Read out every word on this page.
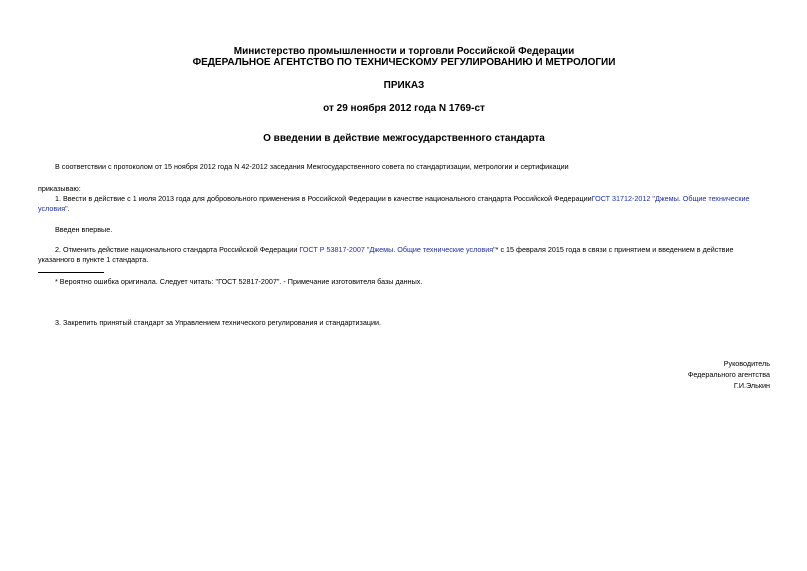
Министерство промышленности и торговли Российской Федерации
ФЕДЕРАЛЬНОЕ АГЕНТСТВО ПО ТЕХНИЧЕСКОМУ РЕГУЛИРОВАНИЮ И МЕТРОЛОГИИ
ПРИКАЗ
от 29 ноября 2012 года N 1769-ст
О введении в действие межгосударственного стандарта
В соответствии с протоколом от 15 ноября 2012 года N 42-2012 заседания Межгосударственного совета по стандартизации, метрологии и сертификации
приказываю:
1. Ввести в действие с 1 июля 2013 года для добровольного применения в Российской Федерации в качестве национального стандарта Российской ФедерацииГОСТ 31712-2012 "Джемы. Общие технические условия".
Введен впервые.
2. Отменить действие национального стандарта Российской Федерации ГОСТ Р 53817-2007 "Джемы. Общие технические условия"* с 15 февраля 2015 года в связи с принятием и введением в действие указанного в пункте 1 стандарта.
* Вероятно ошибка оригинала. Следует читать: "ГОСТ 52817-2007". - Примечание изготовителя базы данных.
3. Закрепить принятый стандарт за Управлением технического регулирования и стандартизации.
Руководитель
Федерального агентства
Г.И.Элькин
